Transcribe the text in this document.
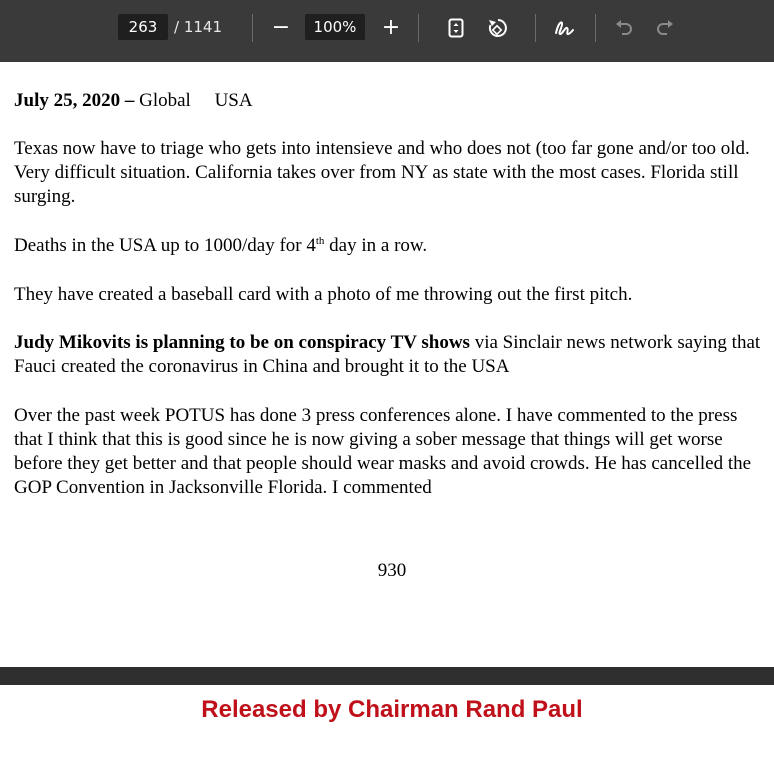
263	/ 1141 −	100%	+

July 25, 2020 – Global     USA

Texas now have to triage who gets into intensieve and who does not (too far gone and/or too old. Very difficult situation. California takes over from NY as state with the most cases. Florida still surging.

Deaths in the USA up to 1000/day for 4th day in a row.

They have created a baseball card with a photo of me throwing out the first pitch.

Judy Mikovits is planning to be on conspiracy TV shows via Sinclair news network saying that Fauci created the coronavirus in China and brought it to the USA

Over the past week POTUS has done 3 press conferences alone. I have commented to the press that I think that this is good since he is now giving a sober message that things will get worse before they get better and that people should wear masks and avoid crowds. He has cancelled the GOP Convention in Jacksonville Florida. I commented

930
Released by Chairman Rand Paul
